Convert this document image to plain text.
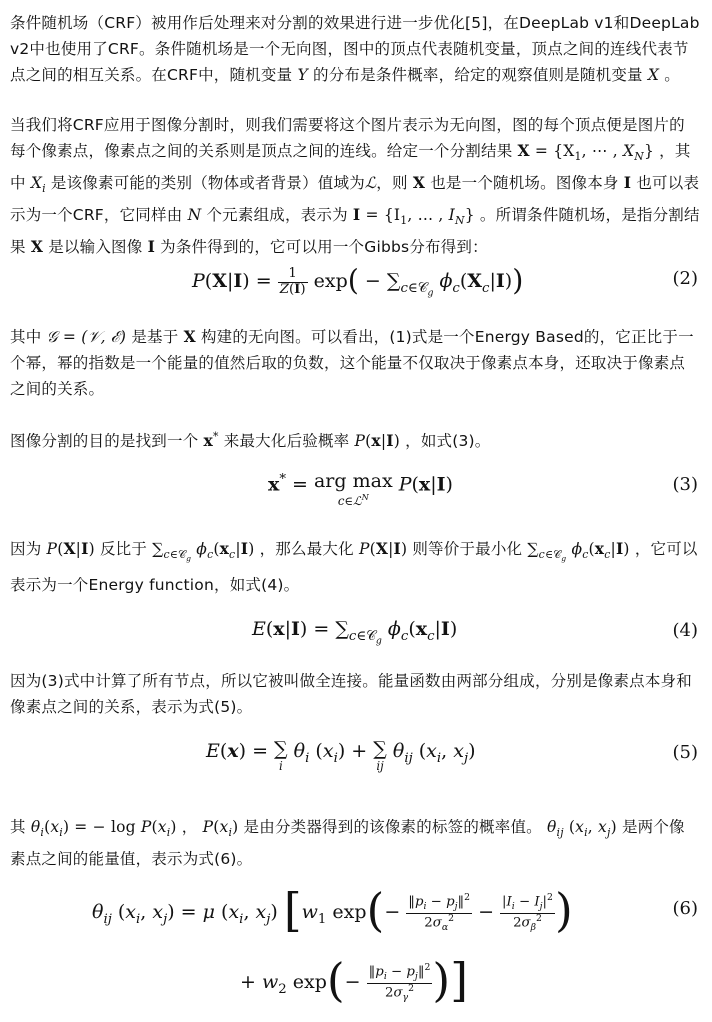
条件随机场（CRF）被用作后处理来对分割的效果进行进一步优化[5]，在DeepLab v1和DeepLab v2中也使用了CRF。条件随机场是一个无向图，图中的顶点代表随机变量，顶点之间的连线代表节点之间的相互关系。在CRF中，随机变量 Y 的分布是条件概率，给定的观察值则是随机变量 X 。

当我们将CRF应用于图像分割时，则我们需要将这个图片表示为无向图，图的每个顶点便是图片的每个像素点，像素点之间的关系则是顶点之间的连线。给定一个分割结果 $X = \{X_1$, ⋯ , $X_N$} ，其中 $X_i$ 是该像素可能的类别（物体或者背景）值域为ℒ，则 X 也是一个随机场。图像本身 I 也可以表示为一个CRF，它同样由 N 个元素组成，表示为 $I = \{I_1$, … , $I_N$} 。所谓条件随机场，是指分割结果 X 是以输入图像 I 为条件得到的，它可以用一个Gibbs分布得到：

$P(X|I) = \frac{1}{Z(I)} \exp( - \sum_{c\in 𝒞_g}$ $\phi_c(X_c|I)$)	(2)

其中 𝒢 = (𝒱, ℰ) 是基于 X 构建的无向图。可以看出，(1)式是一个Energy Based的，它正比于一个幂，幂的指数是一个能量的值然后取的负数，这个能量不仅取决于像素点本身，还取决于像素点之间的关系。

图像分割的目的是找到一个 x* 来最大化后验概率 P(x|I) ，如式(3)。

x* = arg max
c∈ℒ$^N$
P(x|I)	(3)

因为 P(X|I) 反比于 $\sum_{c\in 𝒞_g}$ $\phi_c(x_c|I)$ ，那么最大化 P(X|I) 则等价于最小化 $\sum_{c\in 𝒞_g}$ $\phi_c(x_c|I)$ ，它可以表示为一个Energy function，如式(4)。

$E(x|I) = \sum_{c\in 𝒞_g}$ $\phi_c(x_c|I)$	(4)

因为(3)式中计算了所有节点，所以它被叫做全连接。能量函数由两部分组成，分别是像素点本身和像素点之间的关系，表示为式(5)。

E(x) = ∑
i
$\theta_i$ $(x_i)$ + ∑
ij
$\theta_{ij}$ ($x_i$, $x_j$)	(5)

其 $\theta_i(x_i)$ = − $\log P(x_i)$ ， $P(x_i)$ 是由分类器得到的该像素的标签的概率值。 $\theta_{ij}$ ($x_i$, $x_j$) 是两个像素点之间的能量值，表示为式(6)。

$\theta_{ij}$ ($x_i$, $x_j) = \mu$ ($x_i$, $x_j$) [$w_1$ $\exp(- \frac{‖p_i - p_j‖^2}{2\sigma_\alpha^2} - \frac{|I_i - I_j|^2}{2\sigma_\beta^2}$ )	(6)
+ $w_2$ $\exp(- \frac{‖p_i - p_j‖^2}{2\sigma_\gamma^2}$ )]
